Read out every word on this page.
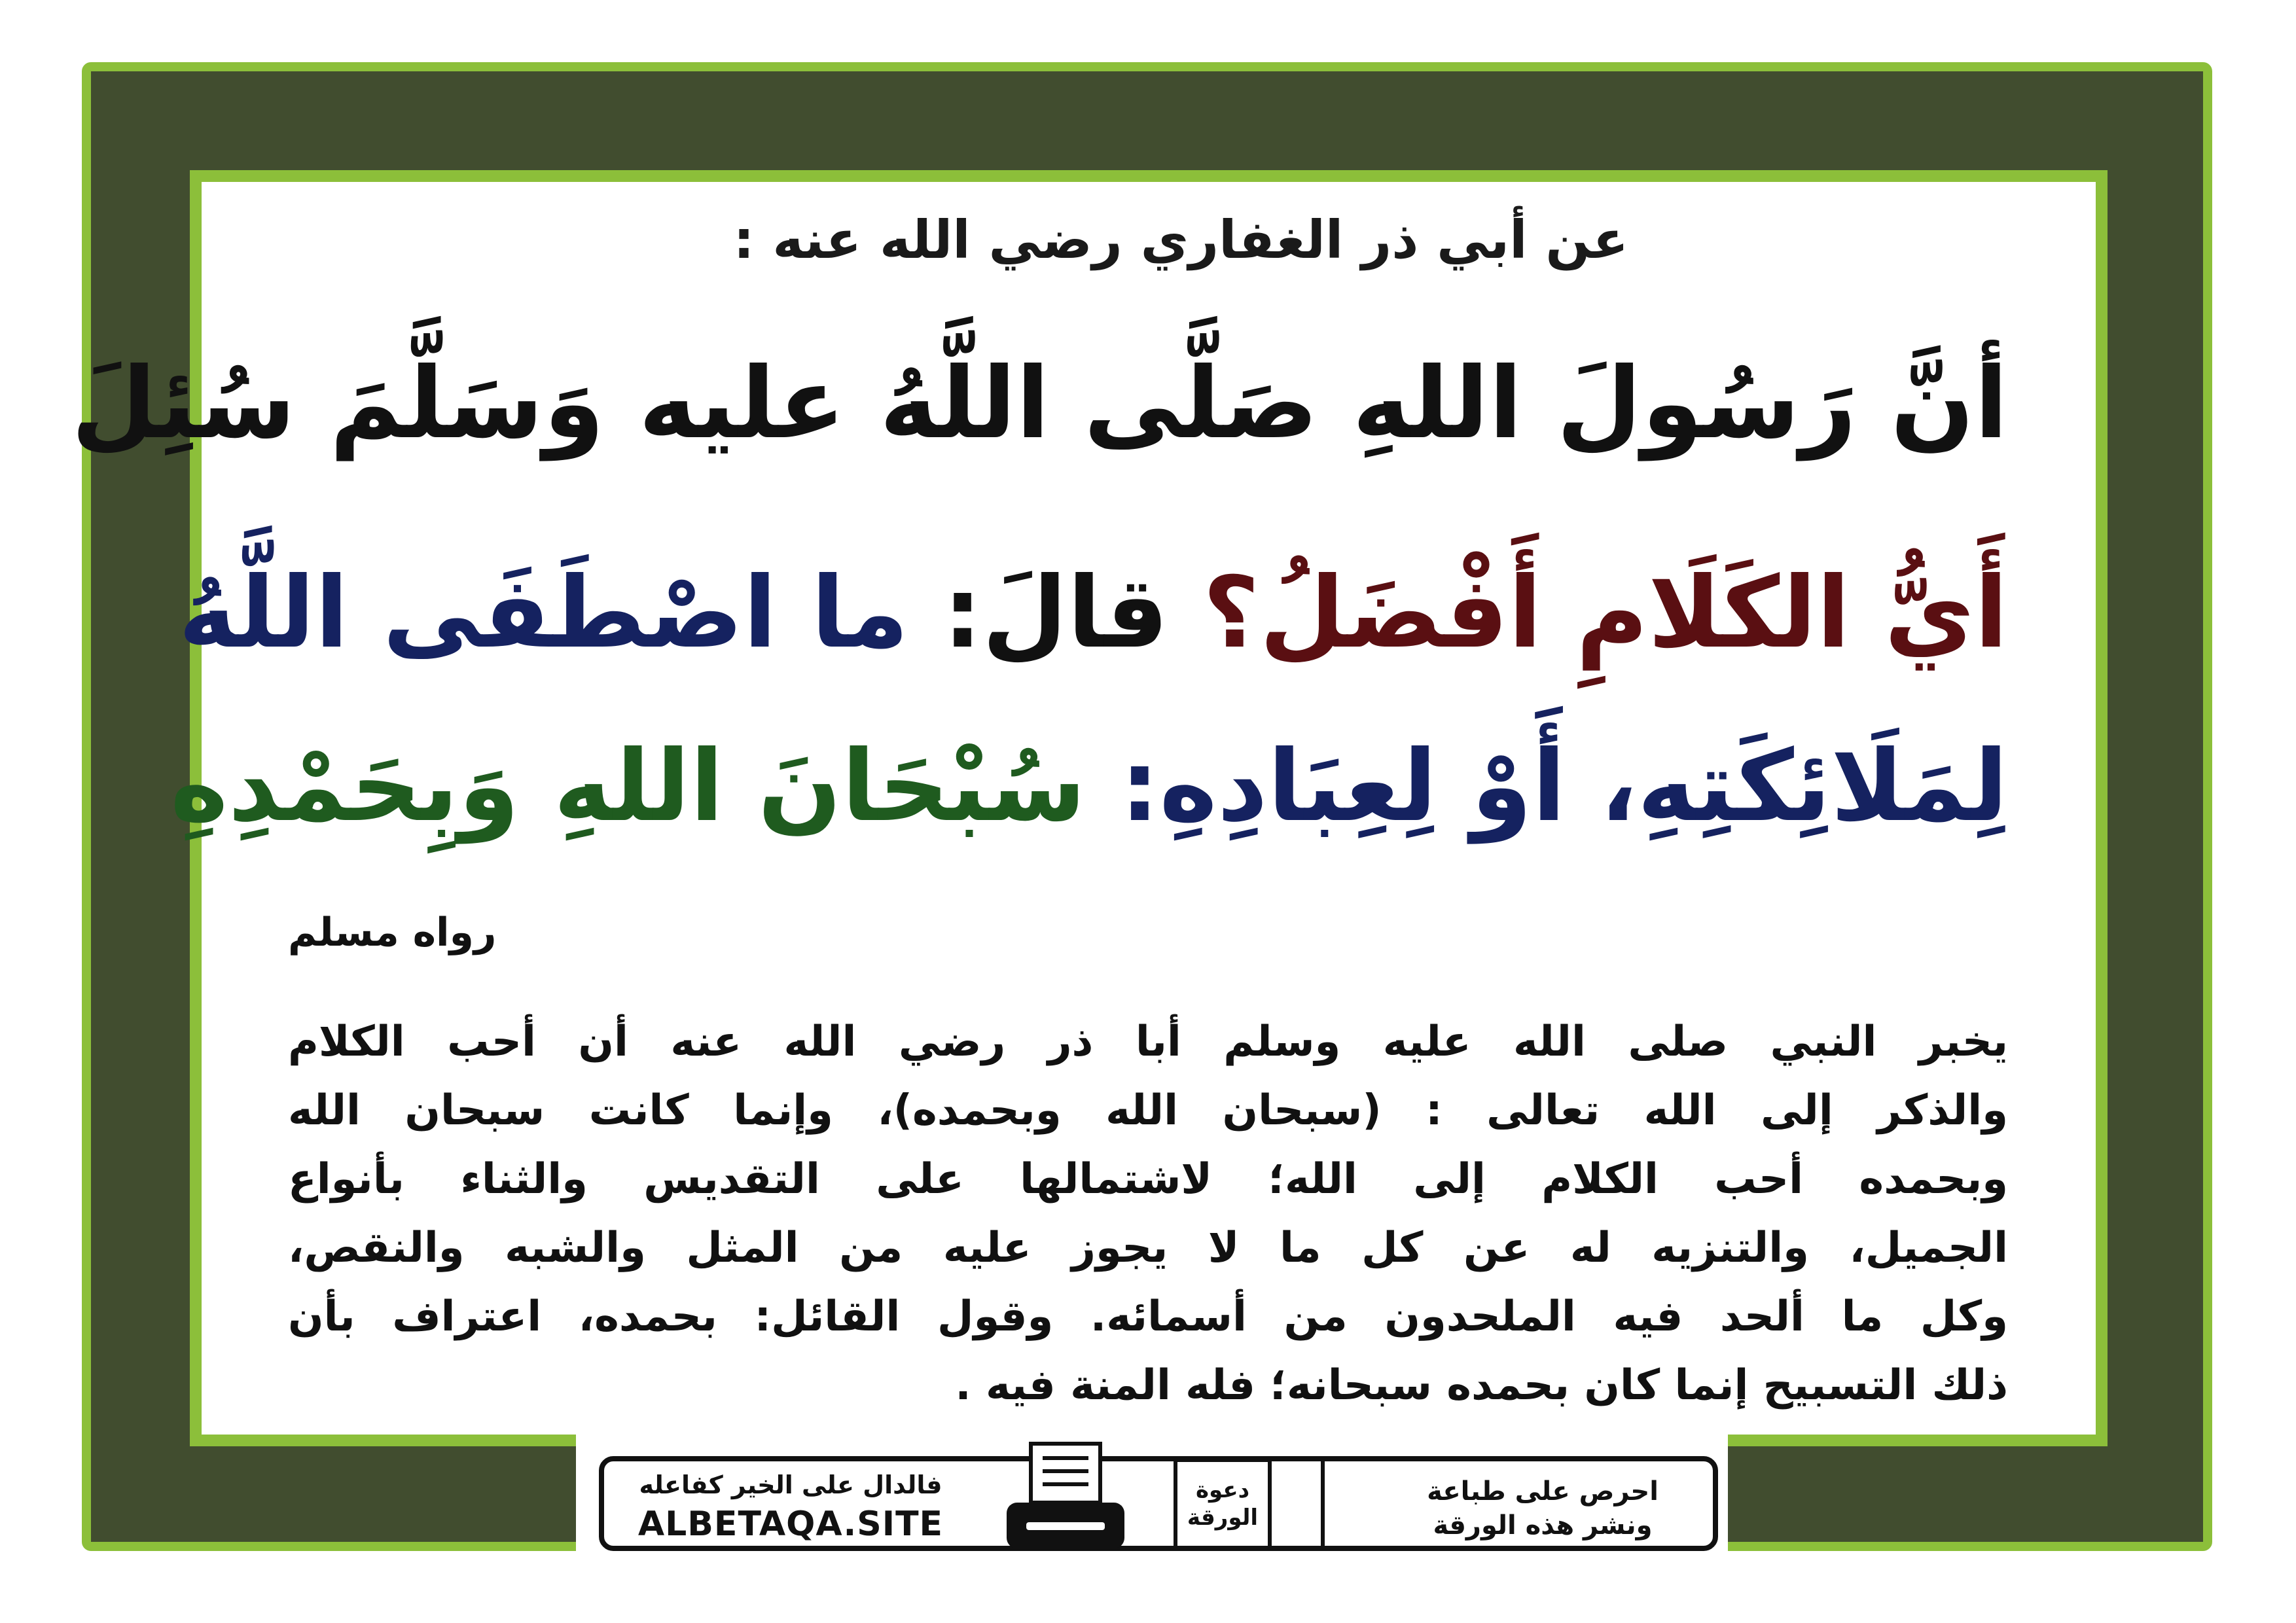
عن أبي ذر الغفاري رضي الله عنه :
أنَّ رَسُولَ اللهِ صَلَّى اللَّهُ عليه وَسَلَّمَ سُئِلَ
أَيُّ الكَلَامِ أَفْضَلُ؟ قالَ: ما اصْطَفَى اللَّهُ
لِمَلَائِكَتِهِ، أَوْ لِعِبَادِهِ: سُبْحَانَ اللهِ وَبِحَمْدِهِ
رواه مسلم
يخبر النبي صلى الله عليه وسلم أبا ذر رضي الله عنه أن أحب الكلام
والذكر إلى الله تعالى : (سبحان الله وبحمده)، وإنما كانت سبحان الله
وبحمده أحب الكلام إلى الله؛ لاشتمالها على التقديس والثناء بأنواع
الجميل، والتنزيه له عن كل ما لا يجوز عليه من المثل والشبه والنقص،
وكل ما ألحد فيه الملحدون من أسمائه. وقول القائل: بحمده، اعتراف بأن
ذلك التسبيح إنما كان بحمده سبحانه؛ فله المنة فيه .
فالدال على الخير كفاعله
ALBETAQA.SITE
دعوة الورقة
احرص على طباعة
ونشر هذه الورقة
